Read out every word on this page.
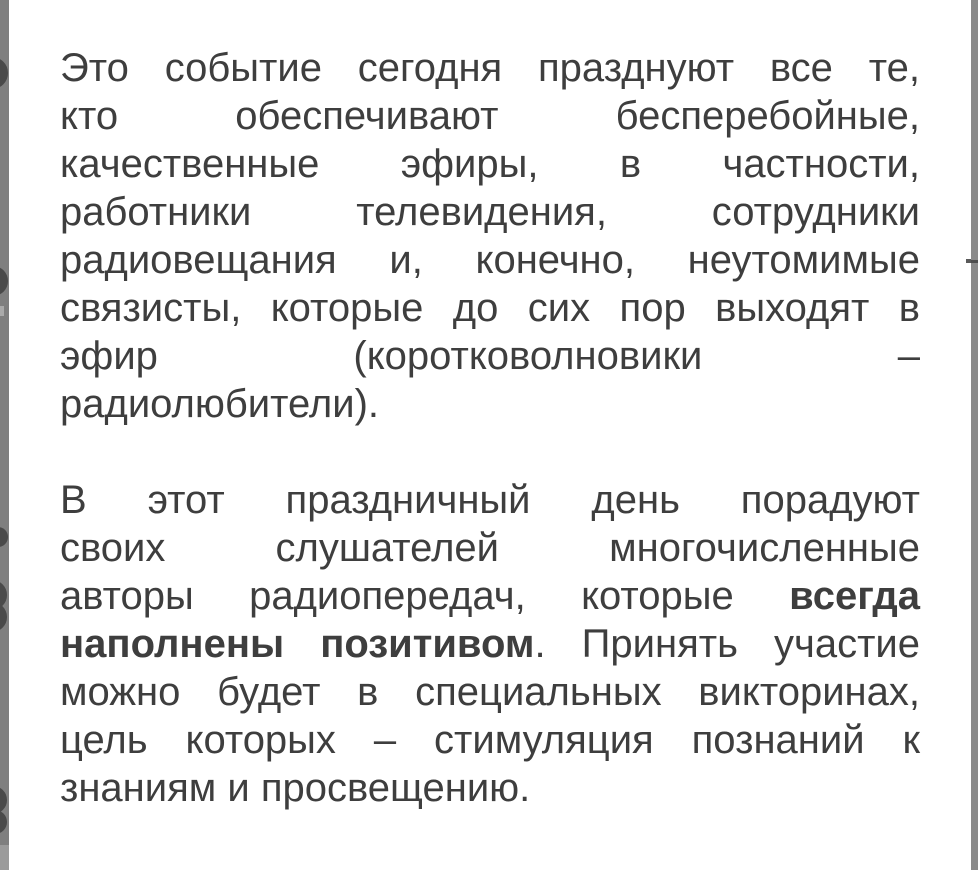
Это событие сегодня празднуют все те,
кто обеспечивают бесперебойные,
качественные эфиры, в частности,
работники телевидения, сотрудники
радиовещания и, конечно, неутомимые
связисты, которые до сих пор выходят в
эфир (коротковолновики –
радиолюбители).
В этот праздничный день порадуют
своих слушателей многочисленные
авторы радиопередач, которые всегда
наполнены позитивом. Принять участие
можно будет в специальных викторинах,
цель которых – стимуляция познаний к
знаниям и просвещению.
